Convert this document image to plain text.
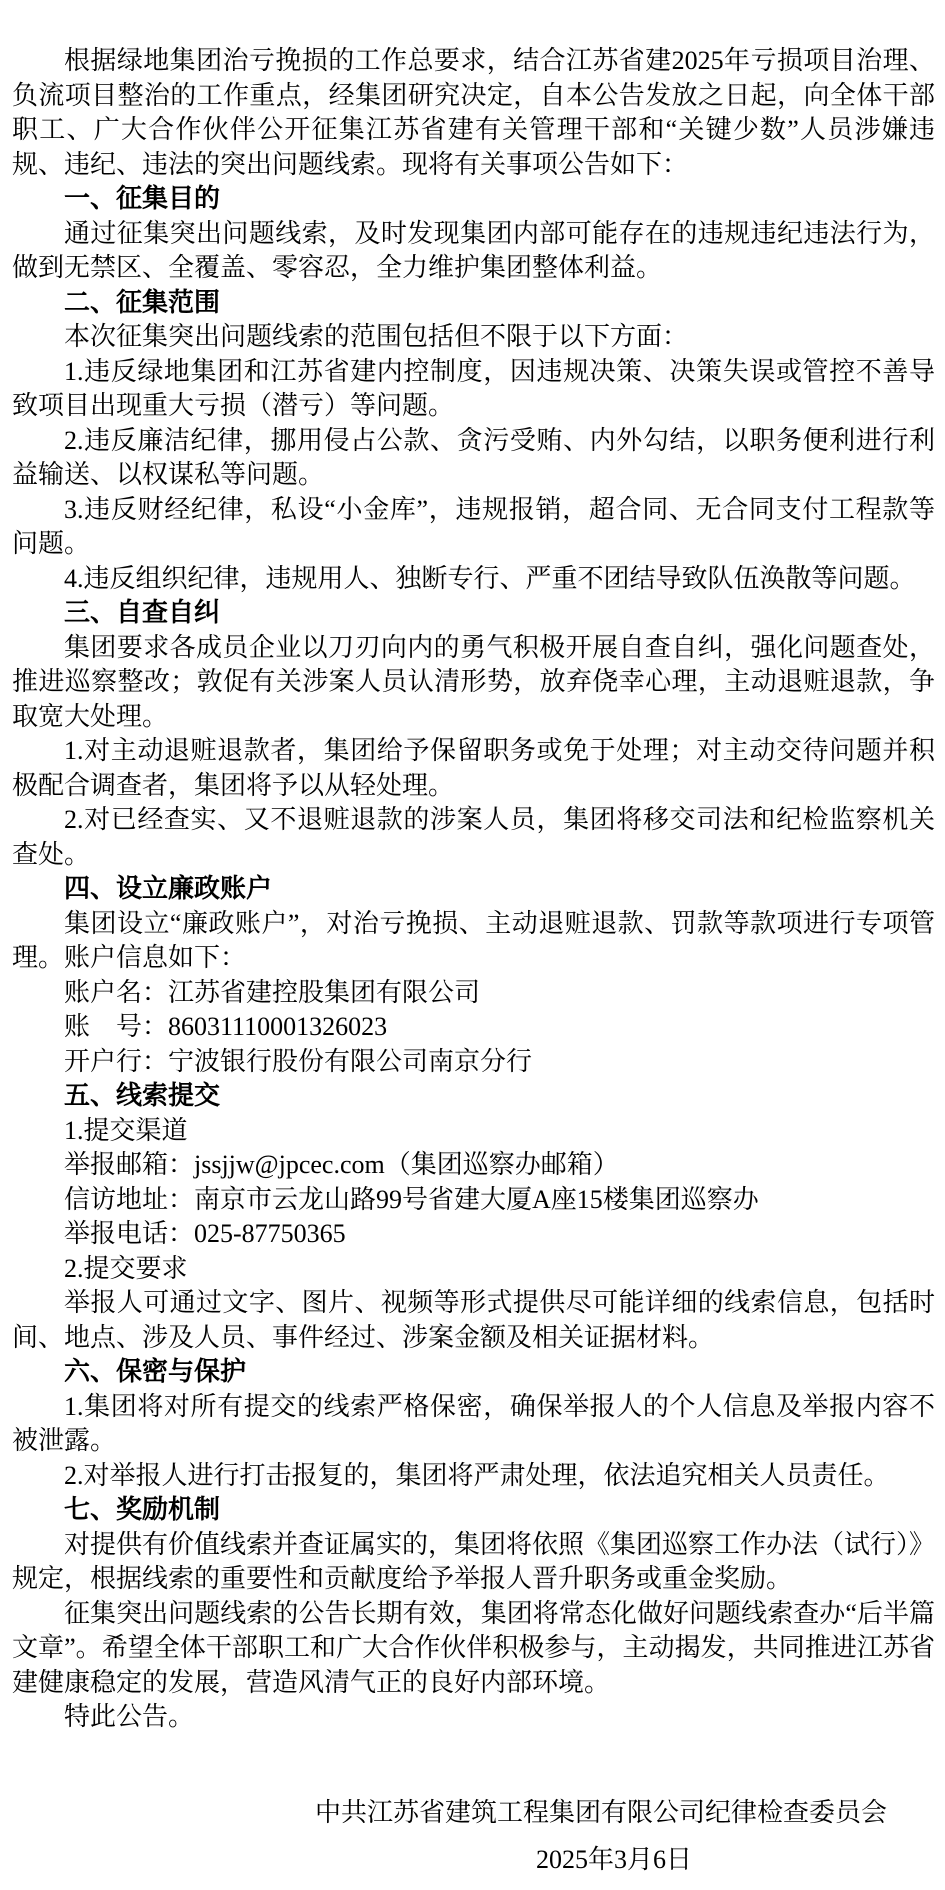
根据绿地集团治亏挽损的工作总要求，结合江苏省建2025年亏损项目治理、负流项目整治的工作重点，经集团研究决定，自本公告发放之日起，向全体干部职工、广大合作伙伴公开征集江苏省建有关管理干部和“关键少数”人员涉嫌违规、违纪、违法的突出问题线索。现将有关事项公告如下：

一、征集目的

通过征集突出问题线索，及时发现集团内部可能存在的违规违纪违法行为，做到无禁区、全覆盖、零容忍，全力维护集团整体利益。

二、征集范围

本次征集突出问题线索的范围包括但不限于以下方面：

1.违反绿地集团和江苏省建内控制度，因违规决策、决策失误或管控不善导致项目出现重大亏损（潜亏）等问题。

2.违反廉洁纪律，挪用侵占公款、贪污受贿、内外勾结，以职务便利进行利益输送、以权谋私等问题。

3.违反财经纪律，私设“小金库”，违规报销，超合同、无合同支付工程款等问题。

4.违反组织纪律，违规用人、独断专行、严重不团结导致队伍涣散等问题。

三、自查自纠

集团要求各成员企业以刀刃向内的勇气积极开展自查自纠，强化问题查处，推进巡察整改；敦促有关涉案人员认清形势，放弃侥幸心理，主动退赃退款，争取宽大处理。

1.对主动退赃退款者，集团给予保留职务或免于处理；对主动交待问题并积极配合调查者，集团将予以从轻处理。

2.对已经查实、又不退赃退款的涉案人员，集团将移交司法和纪检监察机关查处。

四、设立廉政账户

集团设立“廉政账户”，对治亏挽损、主动退赃退款、罚款等款项进行专项管理。账户信息如下：

账户名：江苏省建控股集团有限公司

账　号：86031110001326023

开户行：宁波银行股份有限公司南京分行

五、线索提交

1.提交渠道

举报邮箱：jssjjw@jpcec.com（集团巡察办邮箱）

信访地址：南京市云龙山路99号省建大厦A座15楼集团巡察办

举报电话：025-87750365

2.提交要求

举报人可通过文字、图片、视频等形式提供尽可能详细的线索信息，包括时间、地点、涉及人员、事件经过、涉案金额及相关证据材料。

六、保密与保护

1.集团将对所有提交的线索严格保密，确保举报人的个人信息及举报内容不被泄露。

2.对举报人进行打击报复的，集团将严肃处理，依法追究相关人员责任。

七、奖励机制

对提供有价值线索并查证属实的，集团将依照《集团巡察工作办法（试行）》规定，根据线索的重要性和贡献度给予举报人晋升职务或重金奖励。

征集突出问题线索的公告长期有效，集团将常态化做好问题线索查办“后半篇文章”。希望全体干部职工和广大合作伙伴积极参与，主动揭发，共同推进江苏省建健康稳定的发展，营造风清气正的良好内部环境。

特此公告。

中共江苏省建筑工程集团有限公司纪律检查委员会

2025年3月6日
